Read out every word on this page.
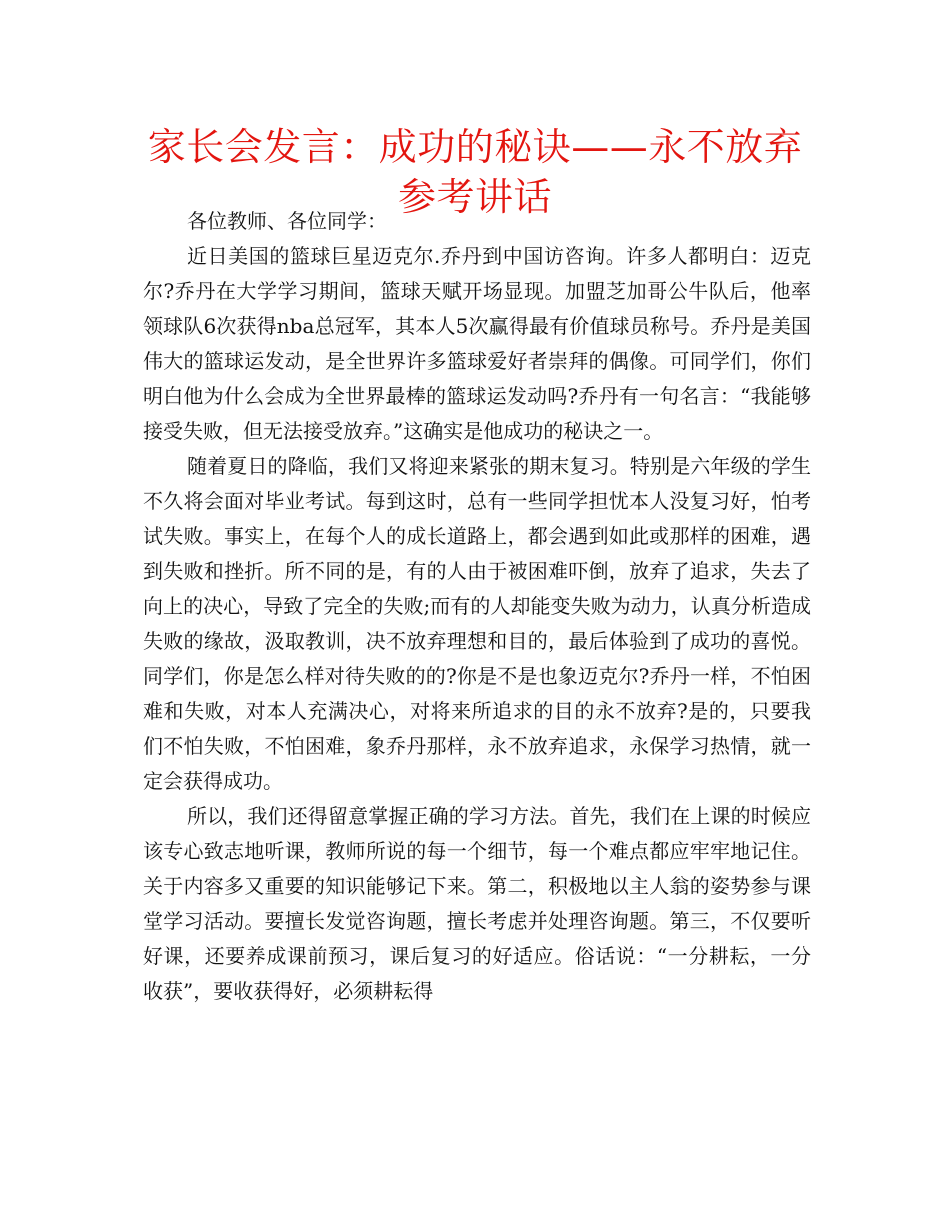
家长会发言：成功的秘诀——永不放弃参考讲话

各位教师、各位同学：

近日美国的篮球巨星迈克尔.乔丹到中国访咨询。许多人都明白：迈克尔?乔丹在大学学习期间，篮球天赋开场显现。加盟芝加哥公牛队后，他率领球队6次获得nba总冠军，其本人5次赢得最有价值球员称号。乔丹是美国伟大的篮球运发动，是全世界许多篮球爱好者崇拜的偶像。可同学们，你们明白他为什么会成为全世界最棒的篮球运发动吗?乔丹有一句名言：“我能够接受失败，但无法接受放弃。”这确实是他成功的秘诀之一。

随着夏日的降临，我们又将迎来紧张的期末复习。特别是六年级的学生不久将会面对毕业考试。每到这时，总有一些同学担忧本人没复习好，怕考试失败。事实上，在每个人的成长道路上，都会遇到如此或那样的困难，遇到失败和挫折。所不同的是，有的人由于被困难吓倒，放弃了追求，失去了向上的决心，导致了完全的失败;而有的人却能变失败为动力，认真分析造成失败的缘故，汲取教训，决不放弃理想和目的，最后体验到了成功的喜悦。同学们，你是怎么样对待失败的的?你是不是也象迈克尔?乔丹一样，不怕困难和失败，对本人充满决心，对将来所追求的目的永不放弃?是的，只要我们不怕失败，不怕困难，象乔丹那样，永不放弃追求，永保学习热情，就一定会获得成功。

所以，我们还得留意掌握正确的学习方法。首先，我们在上课的时候应该专心致志地听课，教师所说的每一个细节，每一个难点都应牢牢地记住。关于内容多又重要的知识能够记下来。第二，积极地以主人翁的姿势参与课堂学习活动。要擅长发觉咨询题，擅长考虑并处理咨询题。第三，不仅要听好课，还要养成课前预习，课后复习的好适应。俗话说：“一分耕耘，一分收获”，要收获得好，必须耕耘得
